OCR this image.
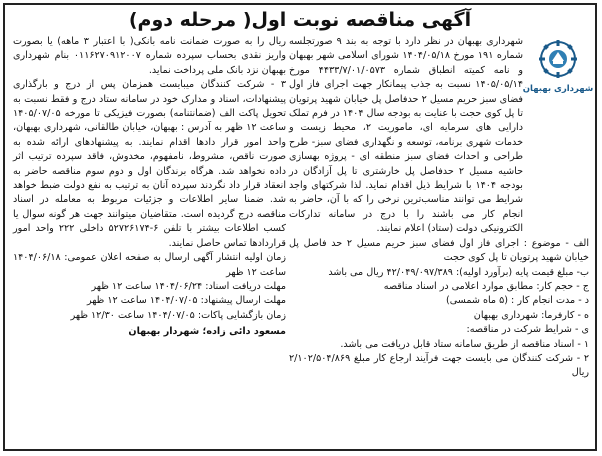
آگهی مناقصه نوبت اول( مرحله دوم)
شهرداری بهبهان

شهرداری بهبهان در نظر دارد با توجه به بند ۹ صورتجلسه شماره ۱۹۱ مورخ ۱۴۰۴/۰۵/۱۸ شورای اسلامی شهر بهبهان و نامه کمیته انطباق شماره ۴۴۳۳/۷/۰۱/۰۵۷۳ مورخ ۱۴۰۵/۰۵/۱۴ نسبت به جذب پیمانکار جهت اجرای فاز اول فضای سبز حریم مسیل ۲ حدفاصل پل خیابان شهید پرتویان تا پل کوی حجت با عنایت به بودجه سال ۱۴۰۴ در فرم تملک دارایی های سرمایه ای، ماموریت ۲، محیط زیست و خدمات شهری برنامه، توسعه و نگهداری فضای سبز- طرح طراحی و احداث فضای سبز منطقه ای - پروژه بهسازی حاشیه مسیل ۲ حدفاصل پل خارشتری تا پل آزادگان در بودجه ۱۴۰۴ با شرایط ذیل اقدام نماید. لذا شرکتهای واجد شرایط می توانند مناسب‌ترین نرخی را که با آن، حاضر به انجام کار می باشند را با درج در سامانه تدارکات الکترونیکی دولت (ستاد) اعلام نمایند.

الف - موضوع : اجرای فاز اول فضای سبز حریم مسیل ۲ حد فاصل پل خیابان شهید پرتویان تا پل کوی حجت

ب- مبلغ قیمت پایه (برآورد اولیه): ۴۲/۰۴۹/۰۹۷/۳۸۹ ریال می باشد

ج - حجم کار: مطابق موارد اعلامی در اسناد مناقصه

د - مدت انجام کار : (۵ ماه شمسی)

ه - کارفرما: شهرداری بهبهان

ی - شرایط شرکت در مناقصه:

۱ - اسناد مناقصه از طریق سامانه ستاد قابل دریافت می باشد.

۲ - شرکت کنندگان می بایست جهت فرآیند ارجاع کار مبلغ ۲/۱۰۲/۵۰۴/۸۶۹ ریال

ریال را به صورت ضمانت نامه بانکی( با اعتبار ۳ ماهه) یا بصورت واریز نقدی بحساب سپرده شماره ۰۱۱۶۲۷۰۹۱۲۰۰۷ بنام شهرداری بهبهان نزد بانک ملی پرداخت نماید.

۳ - شرکت کنندگان میبایست همزمان پس از درج و بارگذاری پیشنهادات، اسناد و مدارک خود در سامانه ستاد درج و فقط نسبت به تحویل پاکت الف (ضمانتنامه) بصورت فیزیکی تا مورخه ۱۴۰۵/۰۷/۰۵ ساعت ۱۲ ظهر به آدرس : بهبهان، خیابان طالقانی، شهرداری بهبهان، واحد امور قرار دادها اقدام نمایند. به پیشنهادهای ارائه شده به صورت ناقص، مشروط، نامفهوم، مخدوش، فاقد سپرده ترتیب اثر داده نخواهد شد. هرگاه برندگان اول و دوم سوم مناقصه حاضر به انعقاد قرار داد نگردند سپرده آنان به ترتیب به نفع دولت ضبط خواهد شد. ضمنا سایر اطلاعات و جزئیات مربوط به معامله در اسناد مناقصه درج گردیده است. متقاضیان میتوانند جهت هر گونه سوال یا کسب اطلاعات بیشتر با تلفن ۶-۵۲۷۲۶۱۷۴ داخلی ۲۲۲ واحد امور قراردادها تماس حاصل نمایند.

زمان اولیه انتشار آگهی ارسال به صفحه اعلان عمومی: ۱۴۰۴/۰۶/۱۸ ساعت ۱۲ ظهر

مهلت دریافت اسناد: ۱۴۰۴/۰۶/۲۴ ساعت ۱۲ ظهر

مهلت ارسال پیشنهاد: ۱۴۰۴/۰۷/۰۵ ساعت ۱۲ ظهر

زمان بازگشایی پاکات: ۱۴۰۴/۰۷/۰۵ ساعت ۱۲/۳۰ ظهر

مسعود دائی زاده؛ شهردار بهبهان
